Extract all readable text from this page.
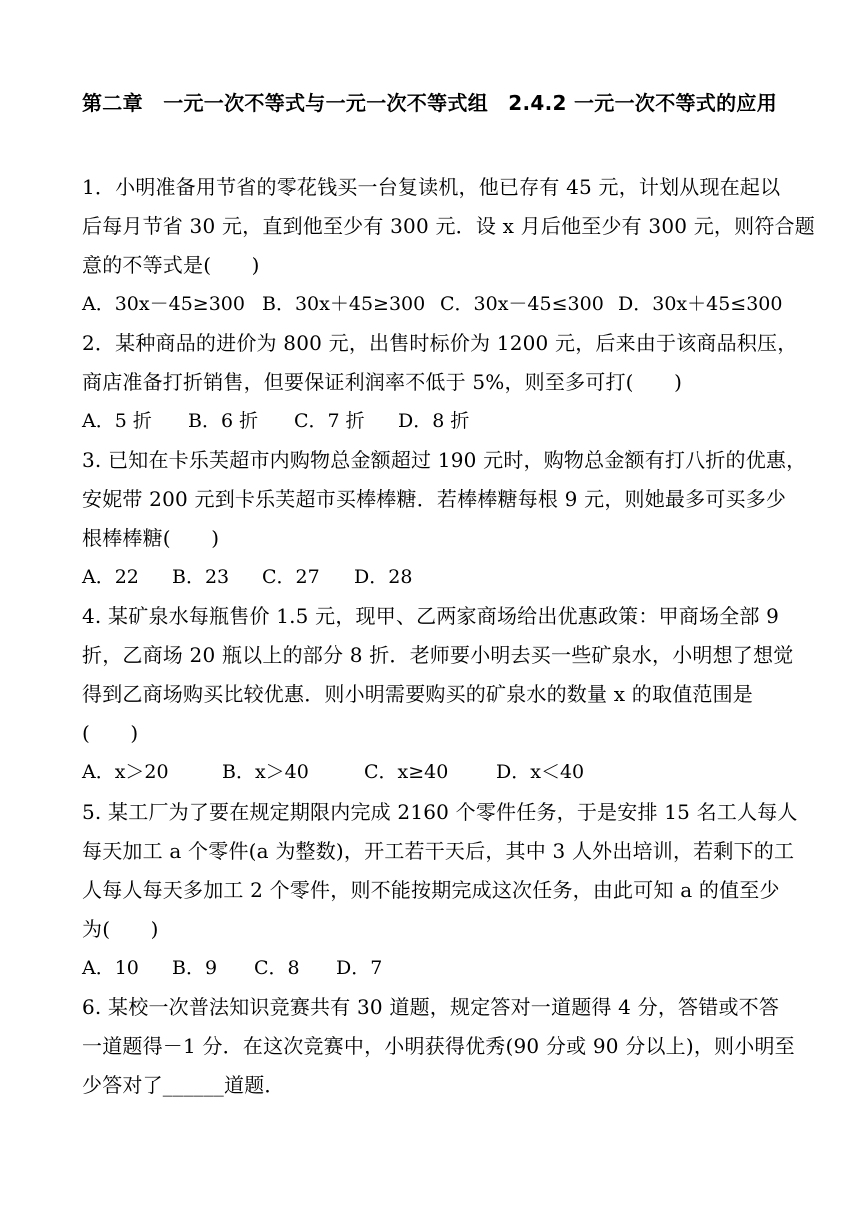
第二章　一元一次不等式与一元一次不等式组　2.4.2 一元一次不等式的应用
1．小明准备用节省的零花钱买一台复读机，他已存有 45 元，计划从现在起以
后每月节省 30 元，直到他至少有 300 元．设 x 月后他至少有 300 元，则符合题
意的不等式是(　　)
A．30x－45≥300 B．30x＋45≥300 C．30x－45≤300 D．30x＋45≤300
2．某种商品的进价为 800 元，出售时标价为 1200 元，后来由于该商品积压，
商店准备打折销售，但要保证利润率不低于 5%，则至多可打(　　)
A．5 折 B．6 折 C．7 折 D．8 折
3. 已知在卡乐芙超市内购物总金额超过 190 元时，购物总金额有打八折的优惠，
安妮带 200 元到卡乐芙超市买棒棒糖．若棒棒糖每根 9 元，则她最多可买多少
根棒棒糖(　　)
A．22 B．23 C．27 D．28
4. 某矿泉水每瓶售价 1.5 元，现甲、乙两家商场给出优惠政策：甲商场全部 9
折，乙商场 20 瓶以上的部分 8 折．老师要小明去买一些矿泉水，小明想了想觉
得到乙商场购买比较优惠．则小明需要购买的矿泉水的数量 x 的取值范围是
(　　)
A．x＞20	B．x＞40	C．x≥40	D．x＜40
5. 某工厂为了要在规定期限内完成 2160 个零件任务，于是安排 15 名工人每人
每天加工 a 个零件(a 为整数)，开工若干天后，其中 3 人外出培训，若剩下的工
人每人每天多加工 2 个零件，则不能按期完成这次任务，由此可知 a 的值至少
为(　　)
A．10 B．9 C．8 D．7
6. 某校一次普法知识竞赛共有 30 道题，规定答对一道题得 4 分，答错或不答
一道题得－1 分．在这次竞赛中，小明获得优秀(90 分或 90 分以上)，则小明至
少答对了______道题．
